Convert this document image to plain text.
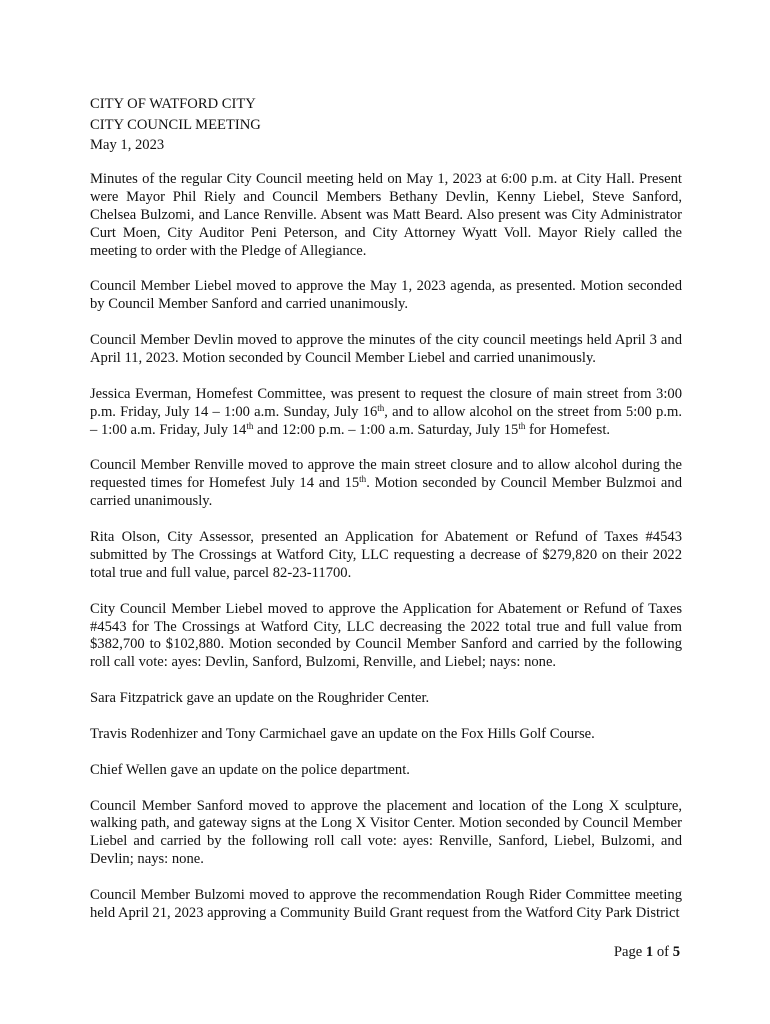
CITY OF WATFORD CITY
CITY COUNCIL MEETING
May 1, 2023

Minutes of the regular City Council meeting held on May 1, 2023 at 6:00 p.m. at City Hall. Present were Mayor Phil Riely and Council Members Bethany Devlin, Kenny Liebel, Steve Sanford, Chelsea Bulzomi, and Lance Renville. Absent was Matt Beard. Also present was City Administrator Curt Moen, City Auditor Peni Peterson, and City Attorney Wyatt Voll. Mayor Riely called the meeting to order with the Pledge of Allegiance.

Council Member Liebel moved to approve the May 1, 2023 agenda, as presented. Motion seconded by Council Member Sanford and carried unanimously.

Council Member Devlin moved to approve the minutes of the city council meetings held April 3 and April 11, 2023. Motion seconded by Council Member Liebel and carried unanimously.

Jessica Everman, Homefest Committee, was present to request the closure of main street from 3:00 p.m. Friday, July 14 – 1:00 a.m. Sunday, July 16th, and to allow alcohol on the street from 5:00 p.m. – 1:00 a.m. Friday, July 14th and 12:00 p.m. – 1:00 a.m. Saturday, July 15th for Homefest.

Council Member Renville moved to approve the main street closure and to allow alcohol during the requested times for Homefest July 14 and 15th. Motion seconded by Council Member Bulzmoi and carried unanimously.

Rita Olson, City Assessor, presented an Application for Abatement or Refund of Taxes #4543 submitted by The Crossings at Watford City, LLC requesting a decrease of $279,820 on their 2022 total true and full value, parcel 82-23-11700.

City Council Member Liebel moved to approve the Application for Abatement or Refund of Taxes #4543 for The Crossings at Watford City, LLC decreasing the 2022 total true and full value from $382,700 to $102,880. Motion seconded by Council Member Sanford and carried by the following roll call vote: ayes: Devlin, Sanford, Bulzomi, Renville, and Liebel; nays: none.

Sara Fitzpatrick gave an update on the Roughrider Center.

Travis Rodenhizer and Tony Carmichael gave an update on the Fox Hills Golf Course.

Chief Wellen gave an update on the police department.

Council Member Sanford moved to approve the placement and location of the Long X sculpture, walking path, and gateway signs at the Long X Visitor Center. Motion seconded by Council Member Liebel and carried by the following roll call vote: ayes: Renville, Sanford, Liebel, Bulzomi, and Devlin; nays: none.

Council Member Bulzomi moved to approve the recommendation Rough Rider Committee meeting held April 21, 2023 approving a Community Build Grant request from the Watford City Park District

Page 1 of 5
